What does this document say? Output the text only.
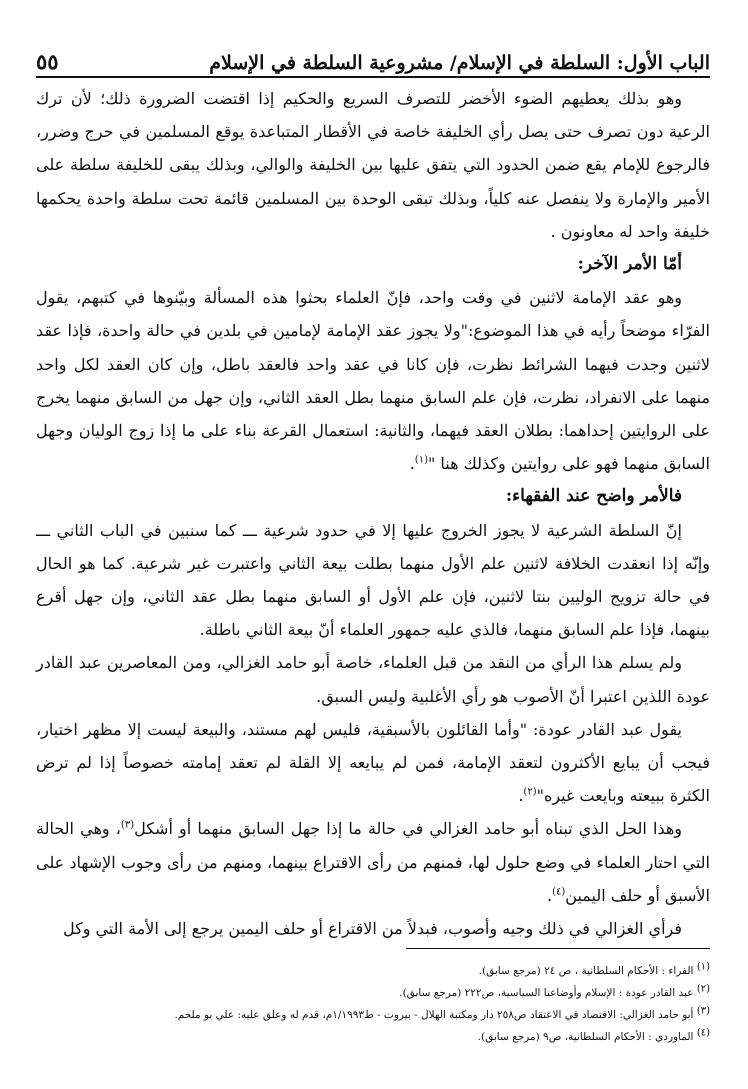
٥٥	الباب الأول: السلطة في الإسلام/ مشروعية السلطة في الإسلام

وهو بذلك يعطيهم الضوء الأخضر للتصرف السريع والحكيم إذا اقتضت الضرورة ذلك؛ لأن ترك الرعية دون تصرف حتى يصل رأي الخليفة خاصة في الأقطار المتباعدة يوقع المسلمين في حرج وضرر، فالرجوع للإمام يقع ضمن الحدود التي يتفق عليها بين الخليفة والوالي، وبذلك يبقى للخليفة سلطة على الأمير والإمارة ولا ينفصل عنه كلياً، وبذلك تبقى الوحدة بين المسلمين قائمة تحت سلطة واحدة يحكمها خليفة واحد له معاونون .

أمّا الأمر الآخر:

وهو عقد الإمامة لاثنين في وقت واحد، فإنّ العلماء بحثوا هذه المسألة وبيّنوها في كتبهم، يقول الفرّاء موضحاً رأيه في هذا الموضوع:"ولا يجوز عقد الإمامة لإمامين في بلدين في حالة واحدة، فإذا عقد لاثنين وجدت فيهما الشرائط نظرت، فإن كانا في عقد واحد فالعقد باطل، وإن كان العقد لكل واحد منهما على الانفراد، نظرت، فإن علم السابق منهما بطل العقد الثاني، وإن جهل من السابق منهما يخرج على الروايتين إحداهما: بطلان العقد فيهما، والثانية: استعمال القرعة بناء على ما إذا زوج الوليان وجهل السابق منهما فهو على روايتين وكذلك هنا "$^{(١)}$.

فالأمر واضح عند الفقهاء:

إنّ السلطة الشرعية لا يجوز الخروج عليها إلا في حدود شرعية ـــ كما سنبين في الباب الثاني ـــ وإنّه إذا انعقدت الخلافة لاثنين علم الأول منهما بطلت بيعة الثاني واعتبرت غير شرعية. كما هو الحال في حالة تزويج الوليين بنتا لاثنين، فإن علم الأول أو السابق منهما بطل عقد الثاني، وإن جهل أقرع بينهما، فإذا علم السابق منهما، فالذي عليه جمهور العلماء أنّ بيعة الثاني باطلة.

ولم يسلم هذا الرأي من النقد من قبل العلماء، خاصة أبو حامد الغزالي، ومن المعاصرين عبد القادر عودة اللذين اعتبرا أنّ الأصوب هو رأي الأغلبية وليس السبق.

يقول عبد القادر عودة: "وأما القائلون بالأسبقية، فليس لهم مستند، والبيعة ليست إلا مظهر اختيار، فيجب أن يبايع الأكثرون لتعقد الإمامة، فمن لم يبايعه إلا القلة لم تعقد إمامته خصوصاً إذا لم ترض الكثرة ببيعته وبايعت غيره"$^{(٢)}$.

وهذا الحل الذي تبناه أبو حامد الغزالي في حالة ما إذا جهل السابق منهما أو أشكل$^{(٣)}$، وهي الحالة التي احتار العلماء في وضع حلول لها، فمنهم من رأى الاقتراع بينهما، ومنهم من رأى وجوب الإشهاد على الأسبق أو حلف اليمين$^{(٤)}$.

فرأي الغزالي في ذلك وجيه وأصوب، فبدلاً من الاقتراع أو حلف اليمين يرجع إلى الأمة التي وكل

$^{(١)}$ الفراء : الأحكام السلطانية ، ص ٢٤ (مرجع سابق).
$^{(٢)}$ عبد القادر عودة : الإسلام وأوضاعنا السياسية، ص٢٢٢ (مرجع سابق).
$^{(٣)}$ أبو حامد الغزالي: الاقتصاد في الاعتقاد ص٢٥٨ دار ومكتبة الهلال - بيروت - ط١/١٩٩٣م، قدم له وعلق عليه: علي بو ملحم.
$^{(٤)}$ الماوردي : الأحكام السلطانية، ص٩ (مرجع سابق).
